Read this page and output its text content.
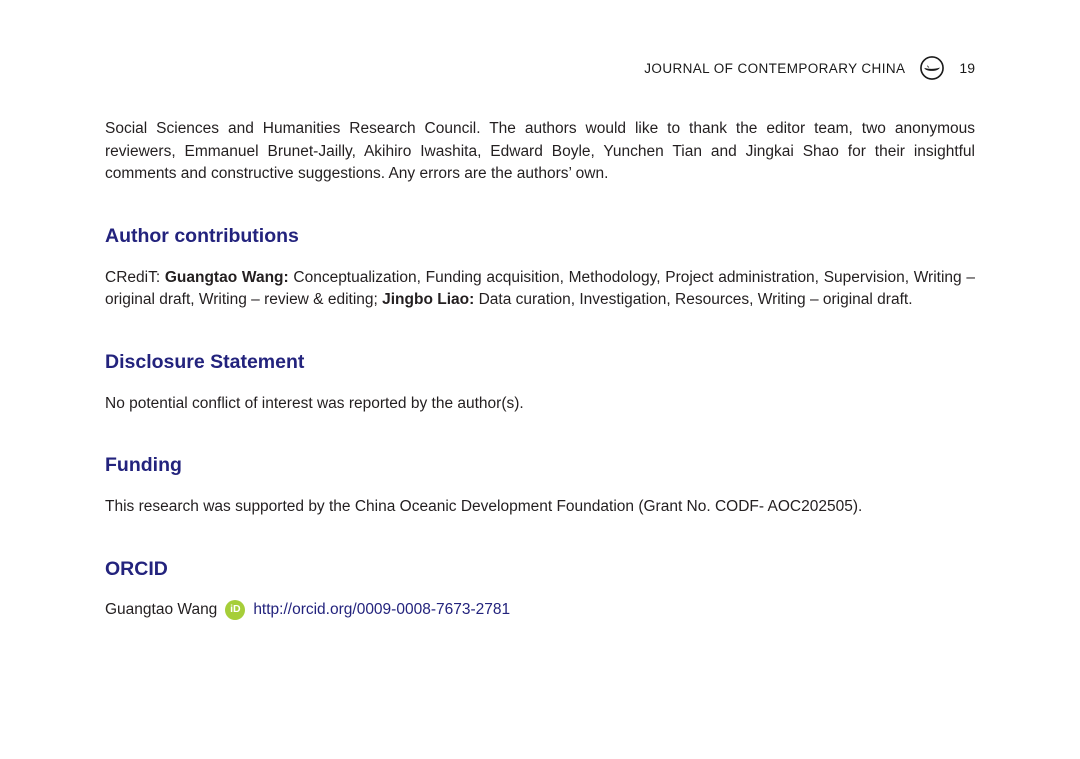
JOURNAL OF CONTEMPORARY CHINA	19

Social Sciences and Humanities Research Council. The authors would like to thank the editor team, two anonymous reviewers, Emmanuel Brunet-Jailly, Akihiro Iwashita, Edward Boyle, Yunchen Tian and Jingkai Shao for their insightful comments and constructive suggestions. Any errors are the authors’ own.

Author contributions

CRediT: Guangtao Wang: Conceptualization, Funding acquisition, Methodology, Project administration, Supervision, Writing – original draft, Writing – review & editing; Jingbo Liao: Data curation, Investigation, Resources, Writing – original draft.

Disclosure Statement

No potential conflict of interest was reported by the author(s).

Funding

This research was supported by the China Oceanic Development Foundation (Grant No. CODF- AOC202505).

ORCID
Guangtao Wang	iD http://orcid.org/0009-0008-7673-2781
